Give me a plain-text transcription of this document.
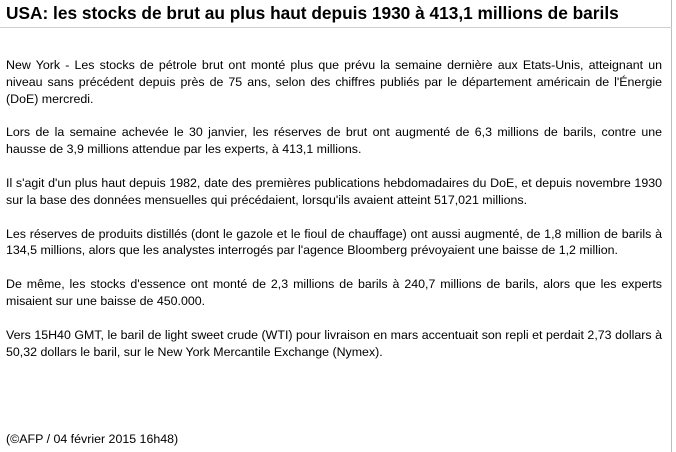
USA: les stocks de brut au plus haut depuis 1930 à 413,1 millions de barils

New York - Les stocks de pétrole brut ont monté plus que prévu la semaine dernière aux Etats-Unis, atteignant un niveau sans précédent depuis près de 75 ans, selon des chiffres publiés par le département américain de l'Énergie (DoE) mercredi.

Lors de la semaine achevée le 30 janvier, les réserves de brut ont augmenté de 6,3 millions de barils, contre une hausse de 3,9 millions attendue par les experts, à 413,1 millions.

Il s'agit d'un plus haut depuis 1982, date des premières publications hebdomadaires du DoE, et depuis novembre 1930 sur la base des données mensuelles qui précédaient, lorsqu'ils avaient atteint 517,021 millions.

Les réserves de produits distillés (dont le gazole et le fioul de chauffage) ont aussi augmenté, de 1,8 million de barils à 134,5 millions, alors que les analystes interrogés par l'agence Bloomberg prévoyaient une baisse de 1,2 million.

De même, les stocks d'essence ont monté de 2,3 millions de barils à 240,7 millions de barils, alors que les experts misaient sur une baisse de 450.000.

Vers 15H40 GMT, le baril de light sweet crude (WTI) pour livraison en mars accentuait son repli et perdait 2,73 dollars à 50,32 dollars le baril, sur le New York Mercantile Exchange (Nymex).

(©AFP / 04 février 2015 16h48)
